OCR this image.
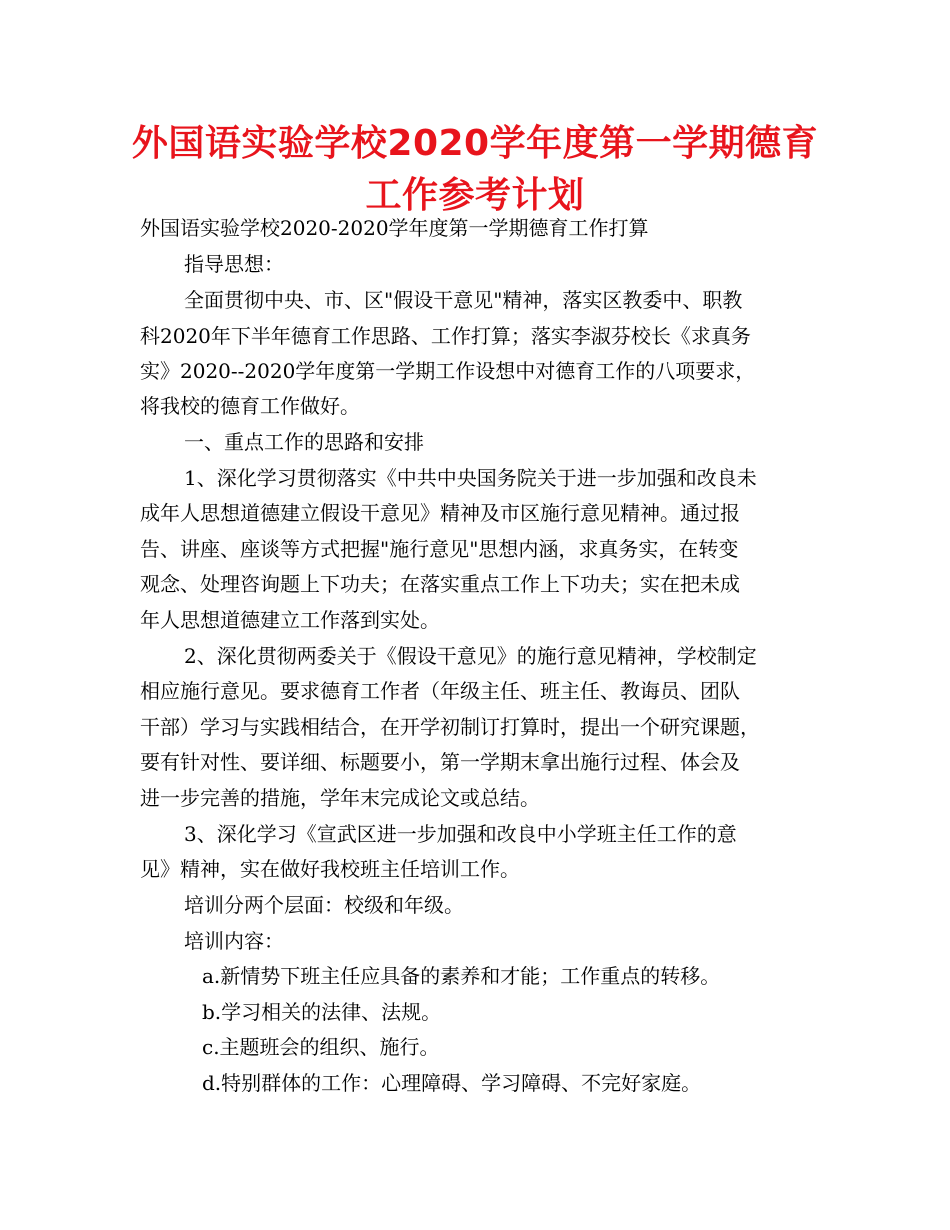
外国语实验学校2020学年度第一学期德育
工作参考计划

外国语实验学校2020-2020学年度第一学期德育工作打算

指导思想：

全面贯彻中央、市、区"假设干意见"精神，落实区教委中、职教

科2020年下半年德育工作思路、工作打算；落实李淑芬校长《求真务

实》2020--2020学年度第一学期工作设想中对德育工作的八项要求，

将我校的德育工作做好。

一、重点工作的思路和安排

1、深化学习贯彻落实《中共中央国务院关于进一步加强和改良未

成年人思想道德建立假设干意见》精神及市区施行意见精神。通过报

告、讲座、座谈等方式把握"施行意见"思想内涵，求真务实，在转变

观念、处理咨询题上下功夫；在落实重点工作上下功夫；实在把未成

年人思想道德建立工作落到实处。

2、深化贯彻两委关于《假设干意见》的施行意见精神，学校制定

相应施行意见。要求德育工作者（年级主任、班主任、教诲员、团队

干部）学习与实践相结合，在开学初制订打算时，提出一个研究课题，

要有针对性、要详细、标题要小，第一学期末拿出施行过程、体会及

进一步完善的措施，学年末完成论文或总结。

3、深化学习《宣武区进一步加强和改良中小学班主任工作的意

见》精神，实在做好我校班主任培训工作。

培训分两个层面：校级和年级。

培训内容：

a.新情势下班主任应具备的素养和才能；工作重点的转移。

b.学习相关的法律、法规。

c.主题班会的组织、施行。

d.特别群体的工作：心理障碍、学习障碍、不完好家庭。
